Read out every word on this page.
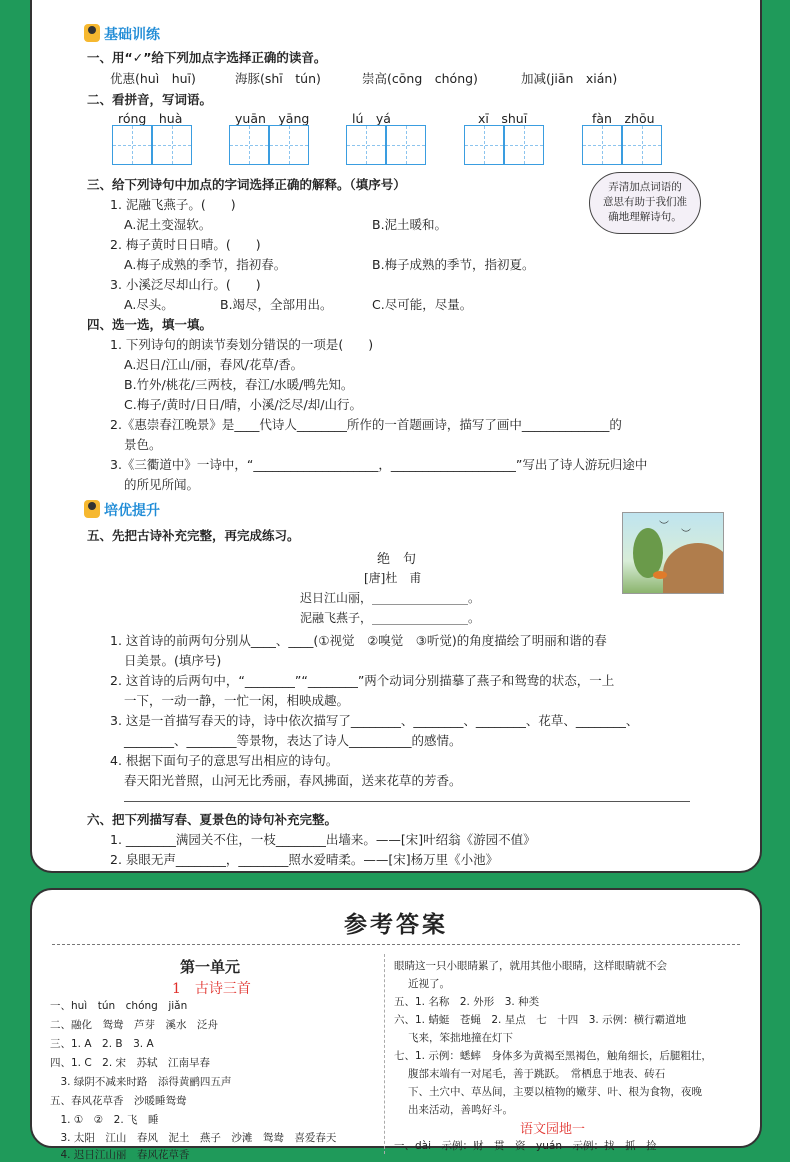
基础训练
一、用“✓”给下列加点字选择正确的读音。
优惠(huì　huī)	海豚(shī　tún)	崇高(cōng　chóng)	加减(jiān　xián)
二、看拼音，写词语。
róng　huà	yuān　yāng	lú　yá	xī　shuī	fàn　zhōu
三、给下列诗句中加点的字词选择正确的解释。（填序号）
1. 泥融飞燕子。(　　)
A.泥土变湿软。	B.泥土暖和。
2. 梅子黄时日日晴。(　　)
A.梅子成熟的季节，指初春。	B.梅子成熟的季节，指初夏。
3. 小溪泛尽却山行。(　　)
A.尽头。	B.竭尽，全部用出。	C.尽可能，尽量。
弄清加点词语的
意思有助于我们准
确地理解诗句。
四、选一选，填一填。
1. 下列诗句的朗读节奏划分错误的一项是(　　)
A.迟日/江山/丽，春风/花草/香。
B.竹外/桃花/三两枝，春江/水暖/鸭先知。
C.梅子/黄时/日日/晴，小溪/泛尽/却/山行。
2.《惠崇春江晚景》是____代诗人________所作的一首题画诗，描写了画中______________的
景色。
3.《三衢道中》一诗中，“____________________，____________________”写出了诗人游玩归途中
的所见所闻。
培优提升
五、先把古诗补充完整，再完成练习。
绝　句
[唐]杜　甫
迟日江山丽，________________。
泥融飞燕子，________________。
︶
︶
1. 这首诗的前两句分别从____、____(①视觉　②嗅觉　③听觉)的角度描绘了明丽和谐的春
日美景。(填序号)
2. 这首诗的后两句中，“________”“________”两个动词分别描摹了燕子和鸳鸯的状态，一上
一下，一动一静，一忙一闲，相映成趣。
3. 这是一首描写春天的诗，诗中依次描写了________、________、________、花草、________、
________、________等景物，表达了诗人__________的感情。
4. 根据下面句子的意思写出相应的诗句。
春天阳光普照，山河无比秀丽，春风拂面，送来花草的芳香。
六、把下列描写春、夏景色的诗句补充完整。
1. ________满园关不住，一枝________出墙来。——[宋]叶绍翁《游园不值》
2. 泉眼无声________，________照水爱晴柔。——[宋]杨万里《小池》
参考答案
第一单元
1　古诗三首
一、huì　tún　chóng　jiǎn
二、融化　鸳鸯　芦芽　溪水　泛舟
三、1. A　2. B　3. A
四、1. C　2. 宋　苏轼　江南早春
　3. 绿阴不减来时路　添得黄鹂四五声
五、春风花草香　沙暖睡鸳鸯
　1. ①　②　2. 飞　睡
　3. 太阳　江山　春风　泥土　燕子　沙滩　鸳鸯　喜爱春天
　4. 迟日江山丽　春风花草香
眼睛这一只小眼睛累了，就用其他小眼睛，这样眼睛就不会
近视了。
五、1. 名称　2. 外形　3. 种类
六、1. 蜻蜓　苍蝇　2. 星点　七　十四　3. 示例：横行霸道地
飞来，笨拙地撞在灯下
七、1. 示例：蟋蟀　身体多为黄褐至黑褐色，触角细长，后腿粗壮，
腹部末端有一对尾毛，善于跳跃。　常栖息于地表、砖石
下、土穴中、草丛间，主要以植物的嫩芽、叶、根为食物，夜晚
出来活动，善鸣好斗。
语文园地一
一、dài　示例：财　贯　资　yuán　示例：找　抓　捡
